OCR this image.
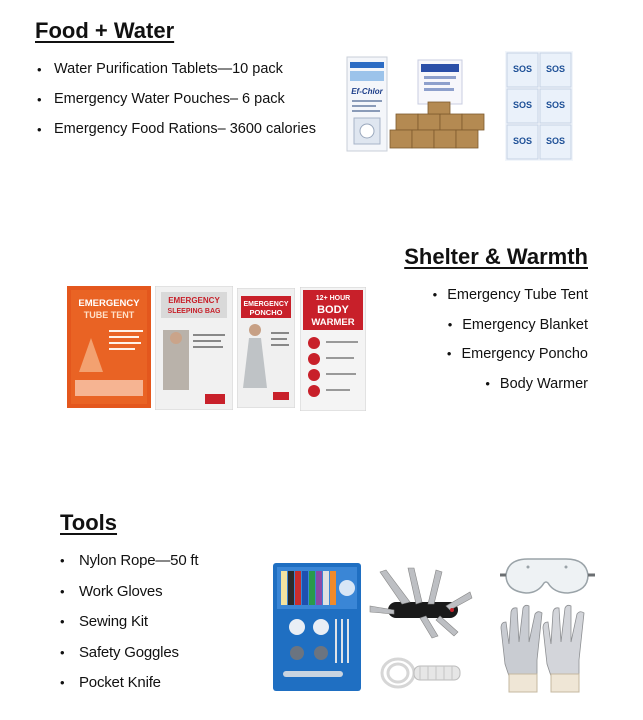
Food + Water
• Water Purification Tablets—10 pack
• Emergency Water Pouches– 6 pack
• Emergency Food Rations– 3600 calories
Ef-Chlor
SOS SOS
SOS SOS
SOS SOS
Shelter & Warmth
• Emergency Tube Tent
• Emergency Blanket
• Emergency Poncho
• Body Warmer
EMERGENCY
TUBE TENT
EMERGENCY
SLEEPING BAG
EMERGENCY
PONCHO
12+ HOUR
BODY
WARMER
Tools
• Nylon Rope—50 ft
• Work Gloves
• Sewing Kit
• Safety Goggles
• Pocket Knife
